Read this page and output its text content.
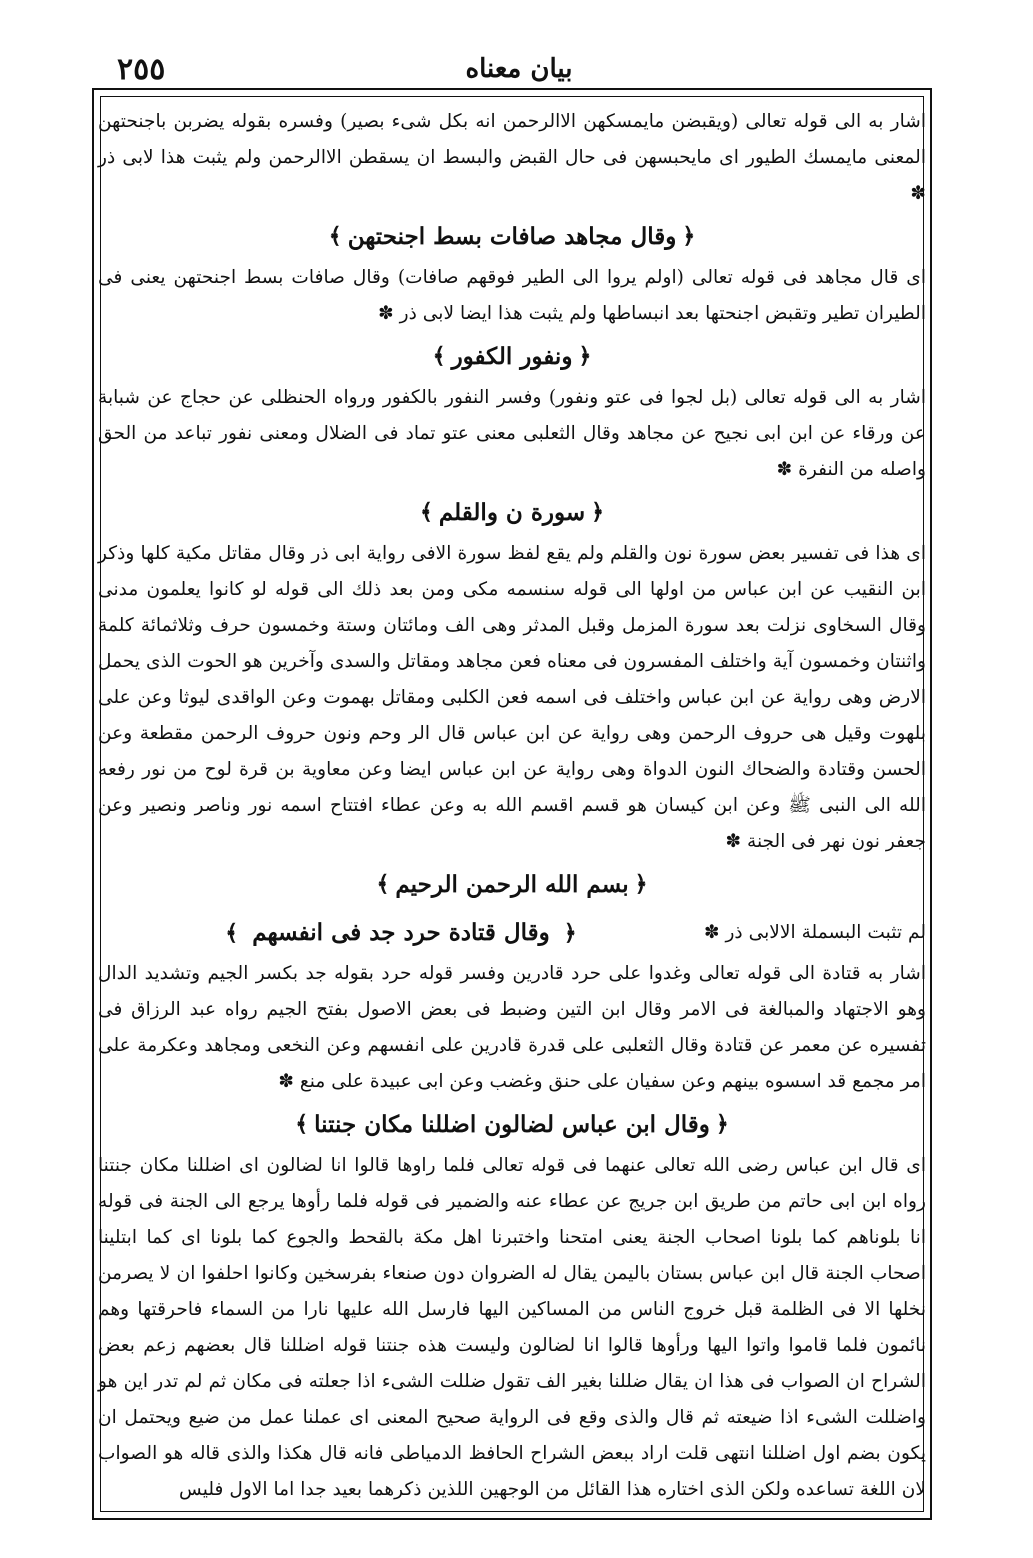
٢٥٥	بيان معناه

اشار به الى قوله تعالى (ويقبضن مايمسكهن الاالرحمن انه بكل شىء بصير) وفسره بقوله يضربن باجنحتهن المعنى مايمسك الطيور اى مايحبسهن فى حال القبض والبسط ان يسقطن الاالرحمن ولم يثبت هذا لابى ذر ✽

﴿
وقال مجاهد صافات بسط اجنحتهن
﴾

اى قال مجاهد فى قوله تعالى (اولم يروا الى الطير فوقهم صافات) وقال صافات بسط اجنحتهن يعنى فى الطيران تطير وتقبض اجنحتها بعد انبساطها ولم يثبت هذا ايضا لابى ذر ✽

﴿
ونفور الكفور
﴾

اشار به الى قوله تعالى (بل لجوا فى عتو ونفور) وفسر النفور بالكفور ورواه الحنظلى عن حجاج عن شبابة عن ورقاء عن ابن ابى نجيح عن مجاهد وقال الثعلبى معنى عتو تماد فى الضلال ومعنى نفور تباعد من الحق واصله من النفرة ✽

﴿
سورة ن والقلم
﴾

اى هذا فى تفسير بعض سورة نون والقلم ولم يقع لفظ سورة الافى رواية ابى ذر وقال مقاتل مكية كلها وذكر ابن النقيب عن ابن عباس من اولها الى قوله سنسمه مكى ومن بعد ذلك الى قوله لو كانوا يعلمون مدنى وقال السخاوى نزلت بعد سورة المزمل وقبل المدثر وهى الف ومائتان وستة وخمسون حرف وثلاثمائة كلمة واثنتان وخمسون آية واختلف المفسرون فى معناه فعن مجاهد ومقاتل والسدى وآخرين هو الحوت الذى يحمل الارض وهى رواية عن ابن عباس واختلف فى اسمه فعن الكلبى ومقاتل بهموت وعن الواقدى ليوثا وعن على بلهوت وقيل هى حروف الرحمن وهى رواية عن ابن عباس قال الر وحم ونون حروف الرحمن مقطعة وعن الحسن وقتادة والضحاك النون الدواة وهى رواية عن ابن عباس ايضا وعن معاوية بن قرة لوح من نور رفعه الله الى النبى ﷺ وعن ابن كيسان هو قسم اقسم الله به وعن عطاء افتتاح اسمه نور وناصر ونصير وعن جعفر نون نهر فى الجنة ✽

﴿
بسم الله الرحمن الرحيم
﴾
لم تثبت البسملة الالابى ذر ✽
﴿ وقال قتادة حرد جد فى انفسهم ﴾

اشار به قتادة الى قوله تعالى وغدوا على حرد قادرين وفسر قوله حرد بقوله جد بكسر الجيم وتشديد الدال وهو الاجتهاد والمبالغة فى الامر وقال ابن التين وضبط فى بعض الاصول بفتح الجيم رواه عبد الرزاق فى تفسيره عن معمر عن قتادة وقال الثعلبى على قدرة قادرين على انفسهم وعن النخعى ومجاهد وعكرمة على امر مجمع قد اسسوه بينهم وعن سفيان على حنق وغضب وعن ابى عبيدة على منع ✽

﴿
وقال ابن عباس لضالون اضللنا مكان جنتنا
﴾

اى قال ابن عباس رضى الله تعالى عنهما فى قوله تعالى فلما راوها قالوا انا لضالون اى اضللنا مكان جنتنا رواه ابن ابى حاتم من طريق ابن جريج عن عطاء عنه والضمير فى قوله فلما رأوها يرجع الى الجنة فى قوله انا بلوناهم كما بلونا اصحاب الجنة يعنى امتحنا واختبرنا اهل مكة بالقحط والجوع كما بلونا اى كما ابتلينا اصحاب الجنة قال ابن عباس بستان باليمن يقال له الضروان دون صنعاء بفرسخين وكانوا احلفوا ان لا يصرمن نخلها الا فى الظلمة قبل خروج الناس من المساكين اليها فارسل الله عليها نارا من السماء فاحرقتها وهم نائمون فلما قاموا واتوا اليها ورأوها قالوا انا لضالون وليست هذه جنتنا قوله اضللنا قال بعضهم زعم بعض الشراح ان الصواب فى هذا ان يقال ضللنا بغير الف تقول ضللت الشىء اذا جعلته فى مكان ثم لم تدر اين هو واضللت الشىء اذا ضيعته ثم قال والذى وقع فى الرواية صحيح المعنى اى عملنا عمل من ضيع ويحتمل ان يكون بضم اول اضللنا انتهى قلت اراد ببعض الشراح الحافظ الدمياطى فانه قال هكذا والذى قاله هو الصواب لان اللغة تساعده ولكن الذى اختاره هذا القائل من الوجهين اللذين ذكرهما بعيد جدا اما الاول فليس
